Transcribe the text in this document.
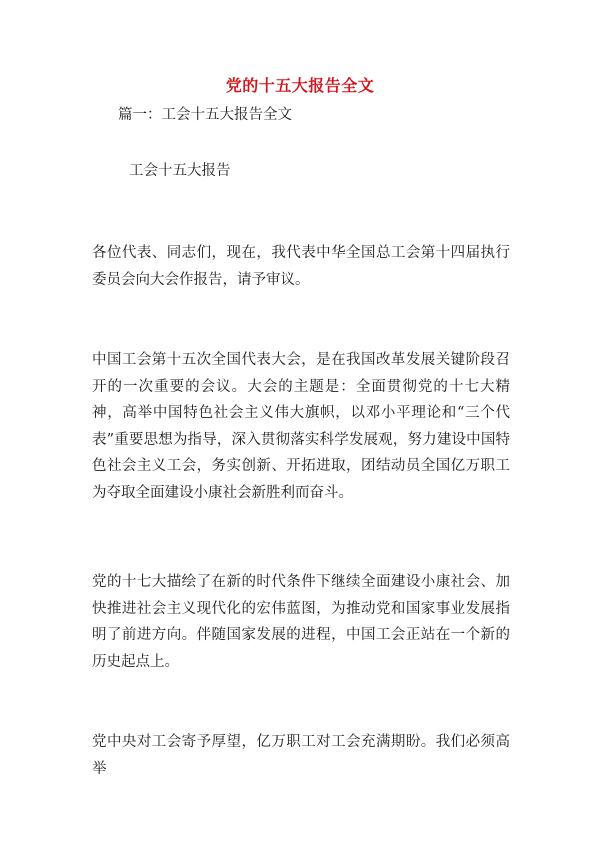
党的十五大报告全文
篇一：工会十五大报告全文
工会十五大报告

各位代表、同志们，现在，我代表中华全国总工会第十四届执行委员会向大会作报告，请予审议。

中国工会第十五次全国代表大会，是在我国改革发展关键阶段召开的一次重要的会议。大会的主题是：全面贯彻党的十七大精神，高举中国特色社会主义伟大旗帜，以邓小平理论和“三个代表”重要思想为指导，深入贯彻落实科学发展观，努力建设中国特色社会主义工会，务实创新、开拓进取，团结动员全国亿万职工为夺取全面建设小康社会新胜利而奋斗。

党的十七大描绘了在新的时代条件下继续全面建设小康社会、加快推进社会主义现代化的宏伟蓝图，为推动党和国家事业发展指明了前进方向。伴随国家发展的进程，中国工会正站在一个新的历史起点上。

党中央对工会寄予厚望，亿万职工对工会充满期盼。我们必须高举
